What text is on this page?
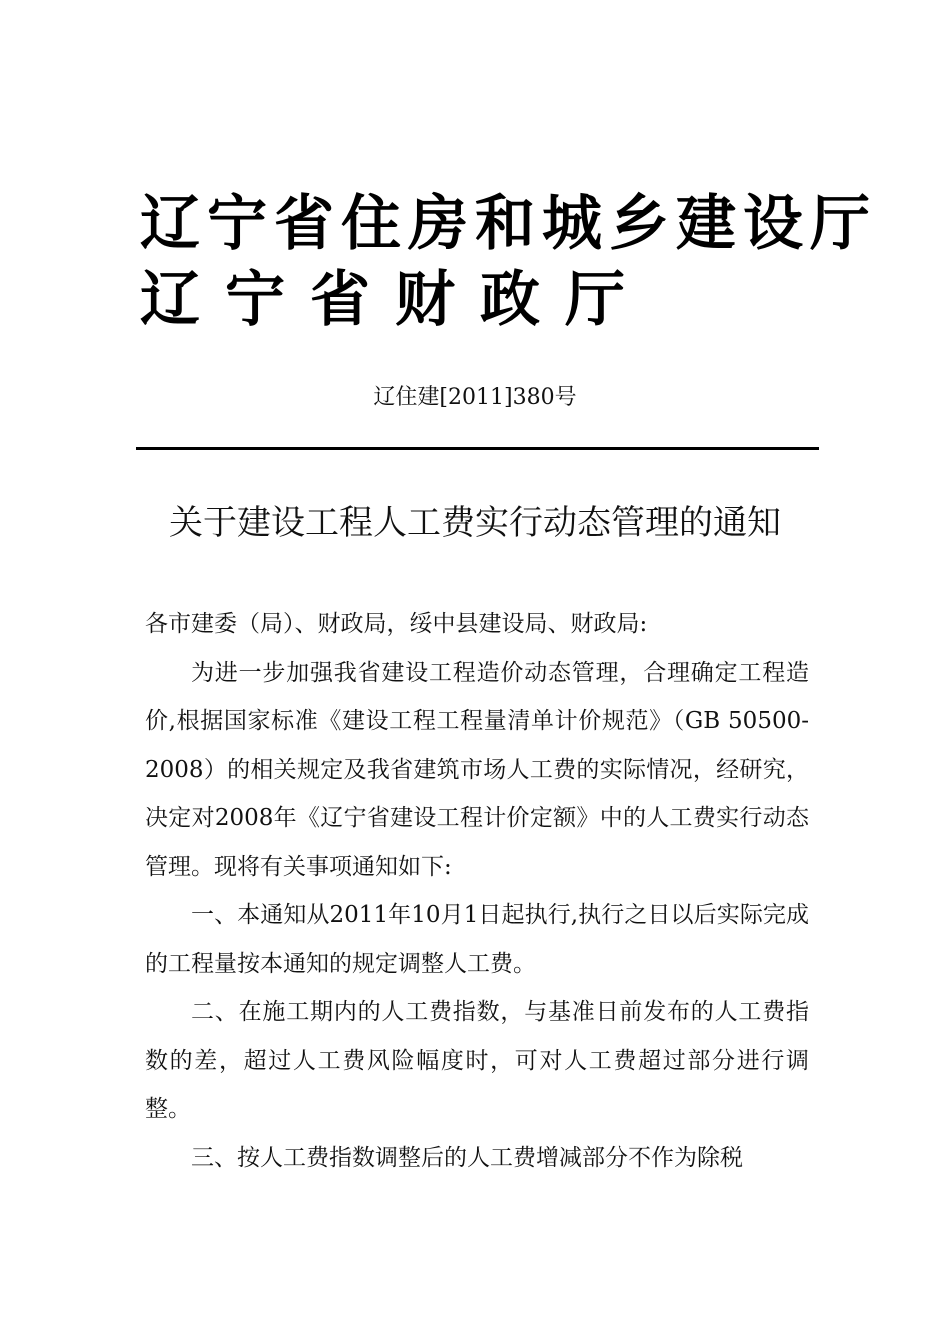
辽宁省住房和城乡建设厅
辽宁省财政厅
辽住建[2011]380号
关于建设工程人工费实行动态管理的通知

各市建委（局）、财政局，绥中县建设局、财政局:

为进一步加强我省建设工程造价动态管理，合理确定工程造价,根据国家标准《建设工程工程量清单计价规范》（GB 50500-2008）的相关规定及我省建筑市场人工费的实际情况，经研究，决定对2008年《辽宁省建设工程计价定额》中的人工费实行动态管理。现将有关事项通知如下:

一、本通知从2011年10月1日起执行,执行之日以后实际完成的工程量按本通知的规定调整人工费。

二、在施工期内的人工费指数，与基准日前发布的人工费指数的差，超过人工费风险幅度时，可对人工费超过部分进行调整。

三、按人工费指数调整后的人工费增减部分不作为除税
